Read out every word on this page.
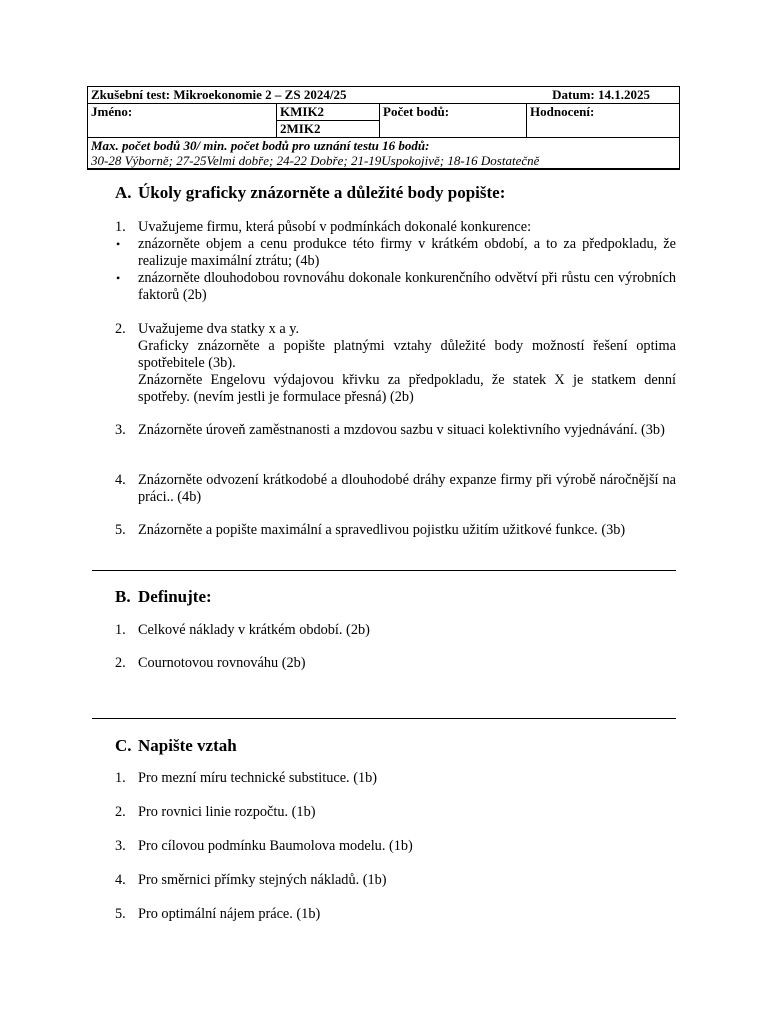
Zkušební test: Mikroekonomie 2 – ZS 2024/25	Datum: 14.1.2025

Jméno:	KMIK2	Počet bodů:	Hodnocení:
2MIK2

Max. počet bodů 30/ min. počet bodů pro uznání testu 16 bodů:
30-28 Výborně; 27-25Velmi dobře; 24-22 Dobře; 21-19Uspokojivě; 18-16 Dostatečně
A. Úkoly graficky znázorněte a důležité body popište:
1. Uvažujeme firmu, která působí v podmínkách dokonalé konkurence:
• znázorněte objem a cenu produkce této firmy v krátkém období, a to za předpokladu, že realizuje maximální ztrátu; (4b)
• znázorněte dlouhodobou rovnováhu dokonale konkurenčního odvětví při růstu cen výrobních faktorů (2b)
2. Uvažujeme dva statky x a y.
Graficky znázorněte a popište platnými vztahy důležité body možností řešení optima spotřebitele (3b).
Znázorněte Engelovu výdajovou křivku za předpokladu, že statek X je statkem denní spotřeby. (nevím jestli je formulace přesná) (2b)
3. Znázorněte úroveň zaměstnanosti a mzdovou sazbu v situaci kolektivního vyjednávání. (3b)
4. Znázorněte odvození krátkodobé a dlouhodobé dráhy expanze firmy při výrobě náročnější na práci.. (4b)
5. Znázorněte a popište maximální a spravedlivou pojistku užitím užitkové funkce. (3b)
B. Definujte:
1. Celkové náklady v krátkém období. (2b)
2. Cournotovou rovnováhu (2b)
C. Napište vztah
1. Pro mezní míru technické substituce. (1b)
2. Pro rovnici linie rozpočtu. (1b)
3. Pro cílovou podmínku Baumolova modelu. (1b)
4. Pro směrnici přímky stejných nákladů. (1b)
5. Pro optimální nájem práce. (1b)
